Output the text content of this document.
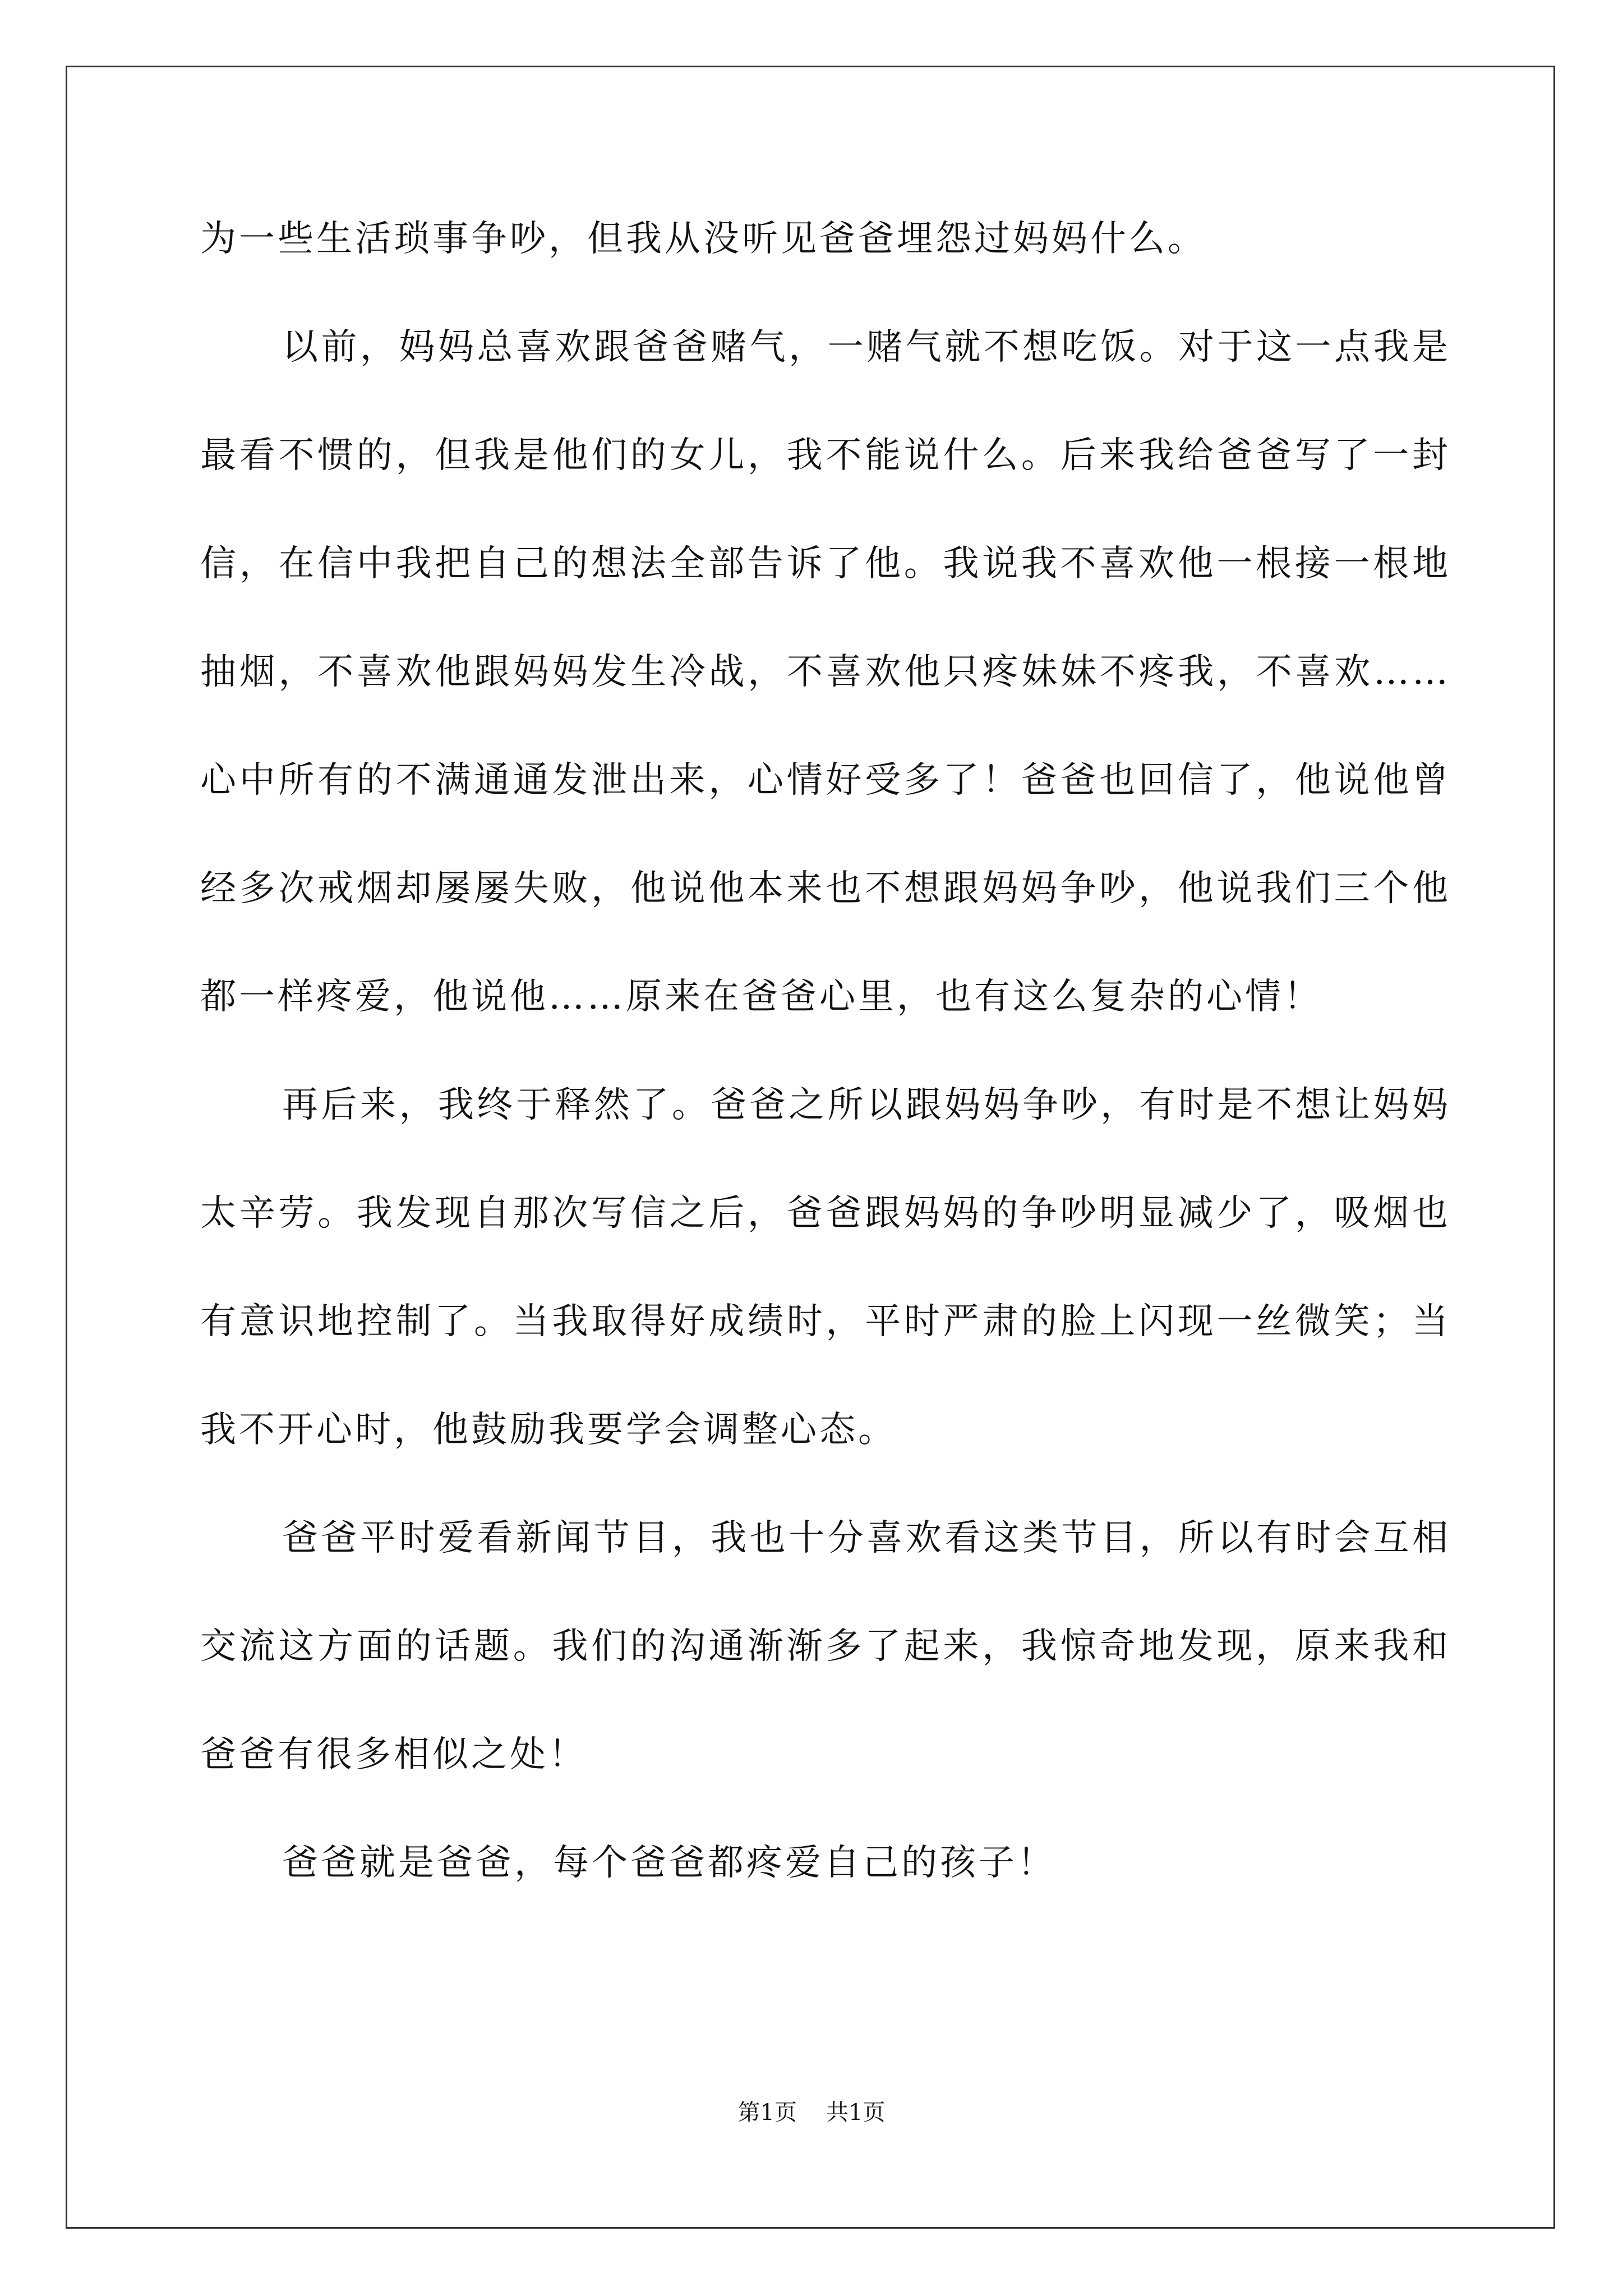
为一些生活琐事争吵，但我从没听见爸爸埋怨过妈妈什么。

以前，妈妈总喜欢跟爸爸赌气，一赌气就不想吃饭。对于这一点我是最看不惯的，但我是他们的女儿，我不能说什么。后来我给爸爸写了一封信，在信中我把自己的想法全部告诉了他。我说我不喜欢他一根接一根地抽烟，不喜欢他跟妈妈发生冷战，不喜欢他只疼妹妹不疼我，不喜欢……心中所有的不满通通发泄出来，心情好受多了！爸爸也回信了，他说他曾经多次戒烟却屡屡失败，他说他本来也不想跟妈妈争吵，他说我们三个他都一样疼爱，他说他……原来在爸爸心里，也有这么复杂的心情！

再后来，我终于释然了。爸爸之所以跟妈妈争吵，有时是不想让妈妈太辛劳。我发现自那次写信之后，爸爸跟妈妈的争吵明显减少了，吸烟也有意识地控制了。当我取得好成绩时，平时严肃的脸上闪现一丝微笑；当我不开心时，他鼓励我要学会调整心态。

爸爸平时爱看新闻节目，我也十分喜欢看这类节目，所以有时会互相交流这方面的话题。我们的沟通渐渐多了起来，我惊奇地发现，原来我和爸爸有很多相似之处！

爸爸就是爸爸，每个爸爸都疼爱自己的孩子！

第1页 共1页
